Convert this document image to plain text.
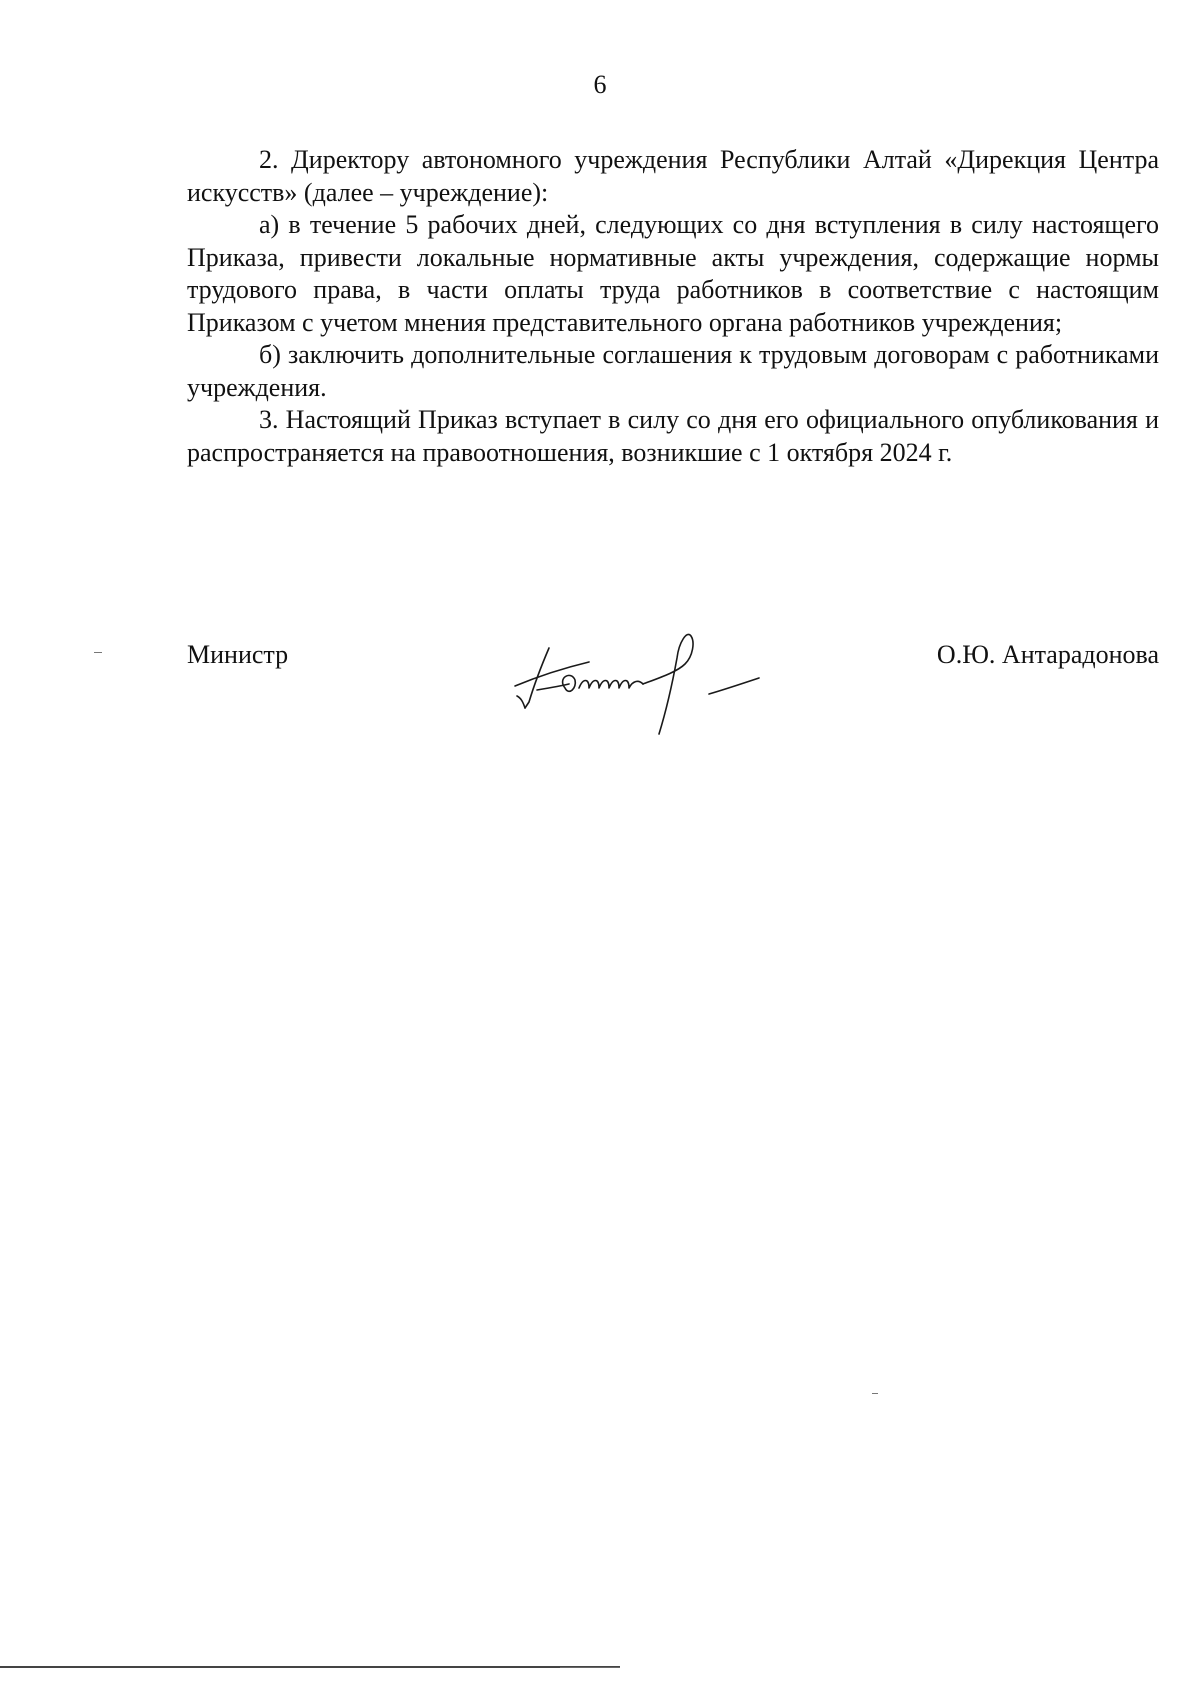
6

2. Директору автономного учреждения Республики Алтай «Дирекция Центра искусств» (далее – учреждение):

а) в течение 5 рабочих дней, следующих со дня вступления в силу настоящего Приказа, привести локальные нормативные акты учреждения, содержащие нормы трудового права, в части оплаты труда работников в соответствие с настоящим Приказом с учетом мнения представительного органа работников учреждения;

б) заключить дополнительные соглашения к трудовым договорам с работниками учреждения.

3. Настоящий Приказ вступает в силу со дня его официального опубликования и распространяется на правоотношения, возникшие с 1 октября 2024 г.

Министр	О.Ю. Антарадонова
